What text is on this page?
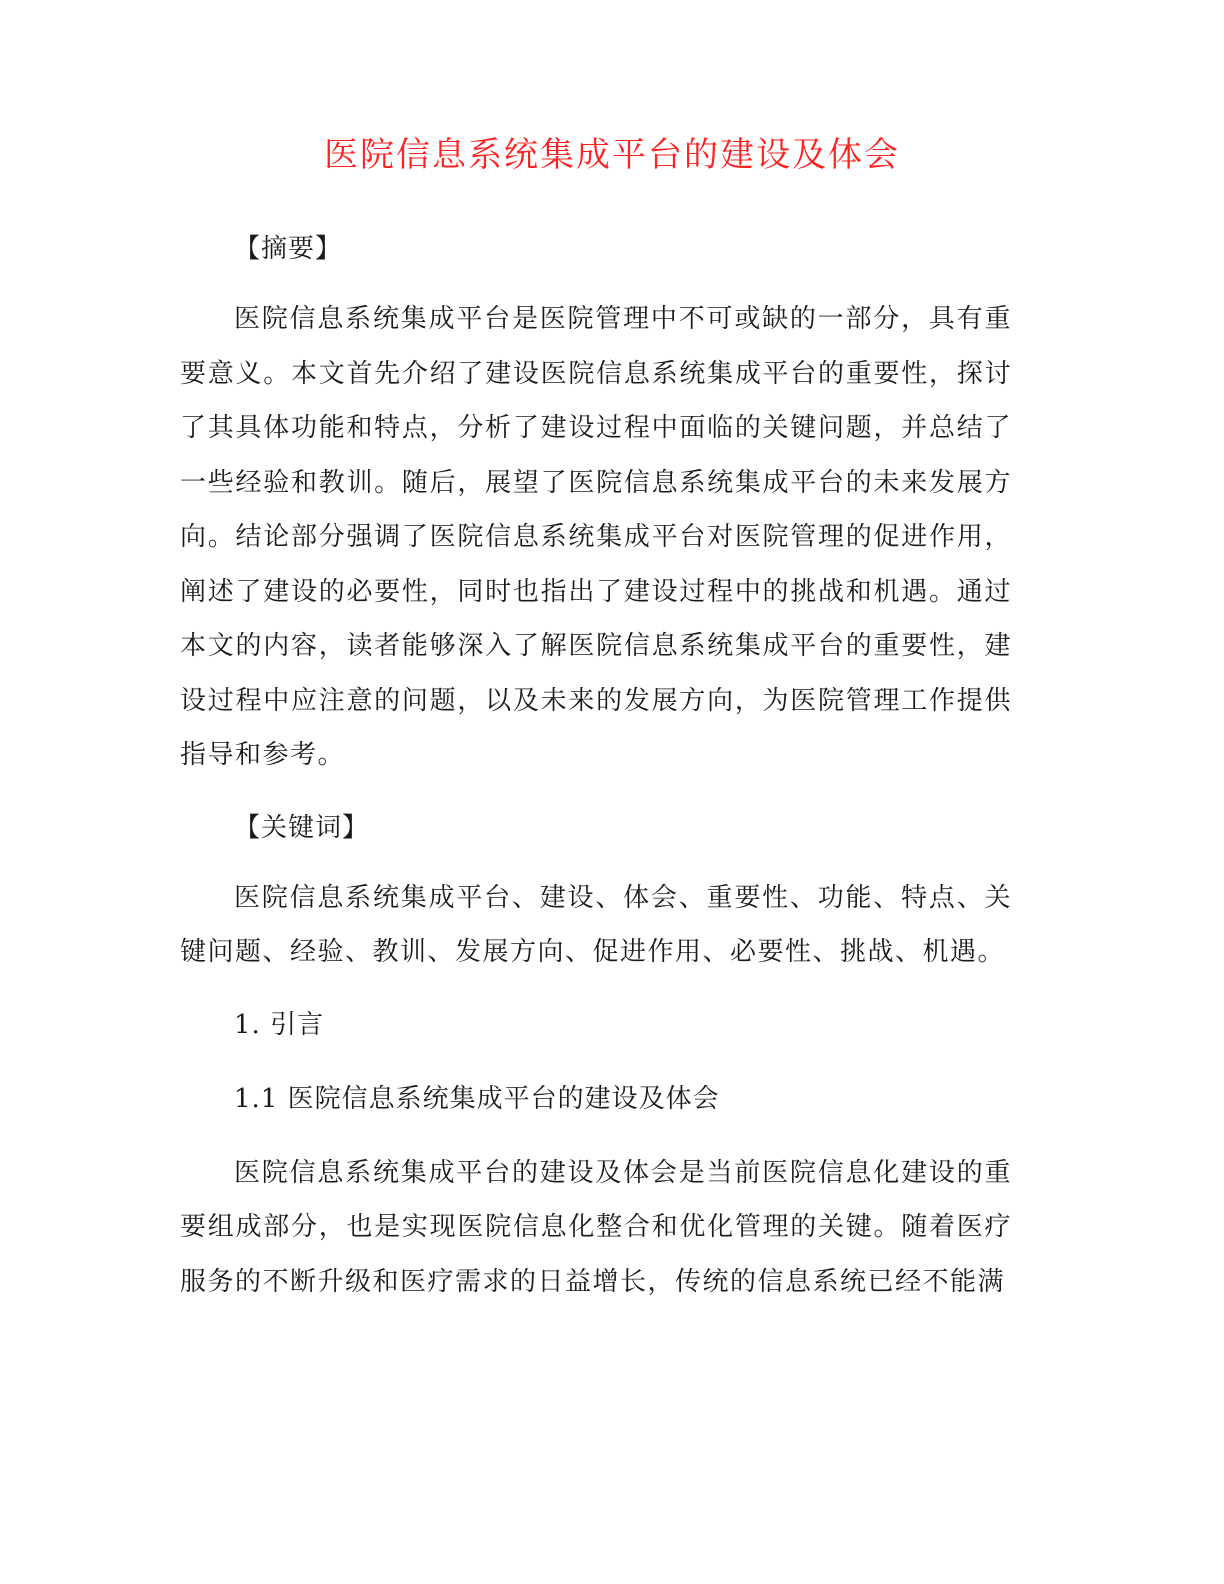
医院信息系统集成平台的建设及体会

【摘要】

医院信息系统集成平台是医院管理中不可或缺的一部分，具有重要意义。本文首先介绍了建设医院信息系统集成平台的重要性，探讨了其具体功能和特点，分析了建设过程中面临的关键问题，并总结了一些经验和教训。随后，展望了医院信息系统集成平台的未来发展方向。结论部分强调了医院信息系统集成平台对医院管理的促进作用，阐述了建设的必要性，同时也指出了建设过程中的挑战和机遇。通过本文的内容，读者能够深入了解医院信息系统集成平台的重要性，建设过程中应注意的问题，以及未来的发展方向，为医院管理工作提供指导和参考。

【关键词】

医院信息系统集成平台、建设、体会、重要性、功能、特点、关键问题、经验、教训、发展方向、促进作用、必要性、挑战、机遇。

1. 引言

1.1 医院信息系统集成平台的建设及体会

医院信息系统集成平台的建设及体会是当前医院信息化建设的重要组成部分，也是实现医院信息化整合和优化管理的关键。随着医疗服务的不断升级和医疗需求的日益增长，传统的信息系统已经不能满
